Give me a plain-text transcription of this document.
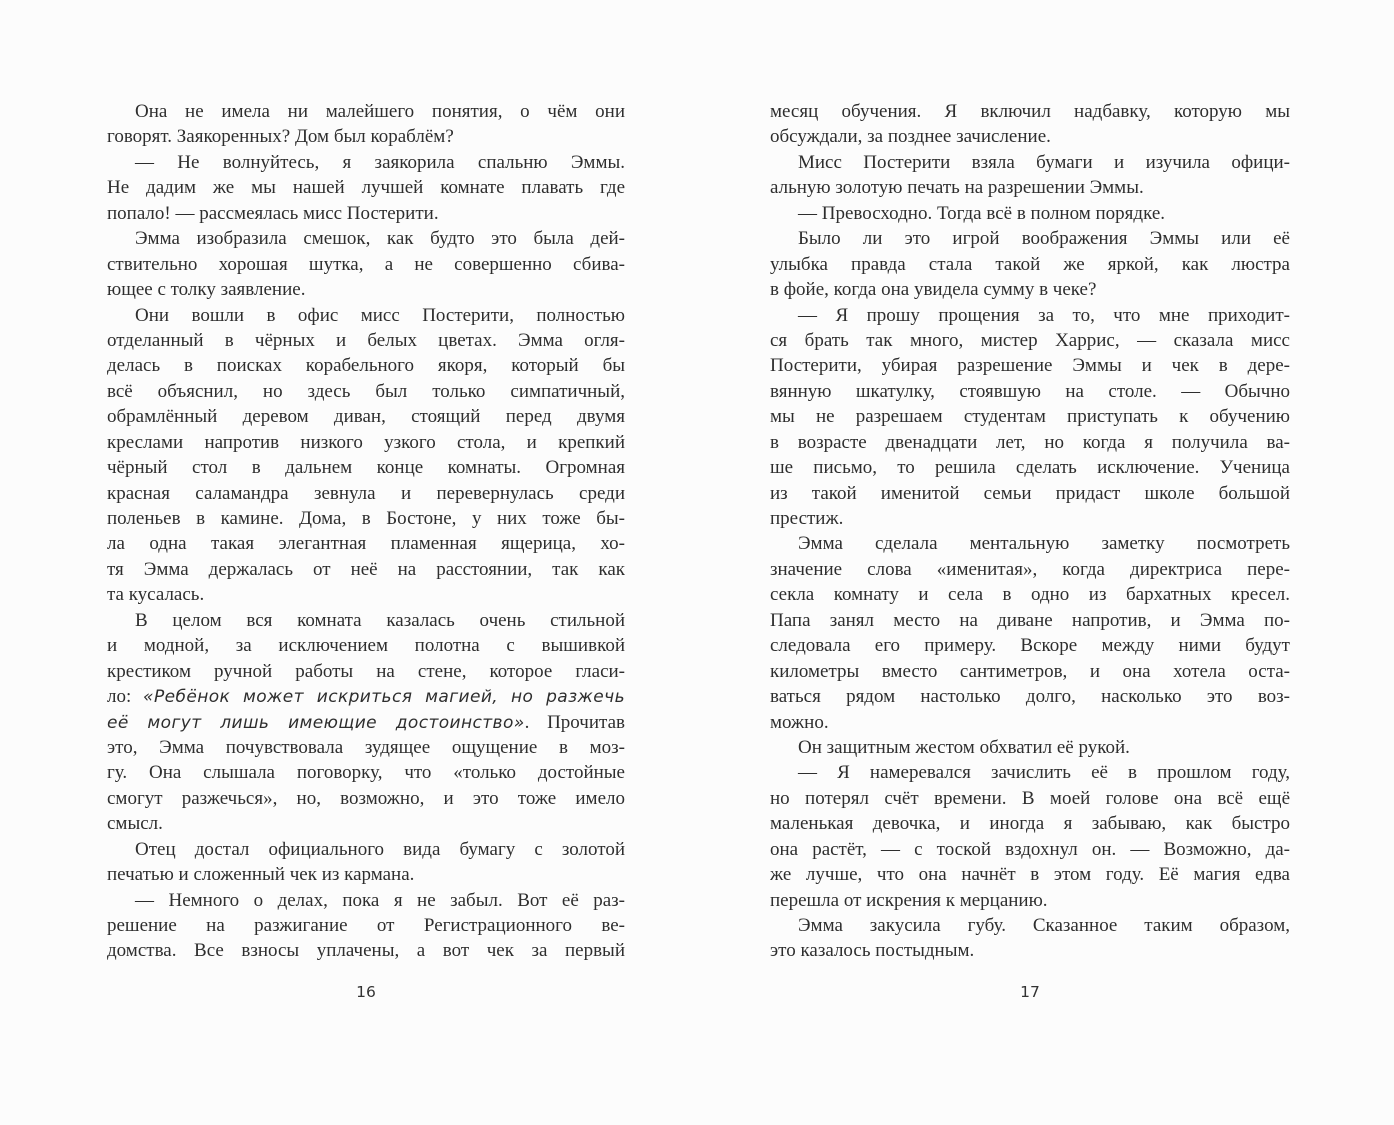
Она не имела ни малейшего понятия, о чём они
говорят. Заякоренных? Дом был кораблём?
— Не волнуйтесь, я заякорила спальню Эммы.
Не дадим же мы нашей лучшей комнате плавать где
попало! — рассмеялась мисс Постерити.
Эмма изобразила смешок, как будто это была дей-
ствительно хорошая шутка, а не совершенно сбива-
ющее с толку заявление.
Они вошли в офис мисс Постерити, полностью
отделанный в чёрных и белых цветах. Эмма огля-
делась в поисках корабельного якоря, который бы
всё объяснил, но здесь был только симпатичный,
обрамлённый деревом диван, стоящий перед двумя
креслами напротив низкого узкого стола, и крепкий
чёрный стол в дальнем конце комнаты. Огромная
красная саламандра зевнула и перевернулась среди
поленьев в камине. Дома, в Бостоне, у них тоже бы-
ла одна такая элегантная пламенная ящерица, хо-
тя Эмма держалась от неё на расстоянии, так как
та кусалась.
В целом вся комната казалась очень стильной
и модной, за исключением полотна с вышивкой
крестиком ручной работы на стене, которое гласи-
ло: «Ребёнок может искриться магией, но разжечь
её могут лишь имеющие достоинство». Прочитав
это, Эмма почувствовала зудящее ощущение в моз-
гу. Она слышала поговорку, что «только достойные
смогут разжечься», но, возможно, и это тоже имело
смысл.
Отец достал официального вида бумагу с золотой
печатью и сложенный чек из кармана.
— Немного о делах, пока я не забыл. Вот её раз-
решение на разжигание от Регистрационного ве-
домства. Все взносы уплачены, а вот чек за первый
16
месяц обучения. Я включил надбавку, которую мы
обсуждали, за позднее зачисление.
Мисс Постерити взяла бумаги и изучила офици-
альную золотую печать на разрешении Эммы.
— Превосходно. Тогда всё в полном порядке.
Было ли это игрой воображения Эммы или её
улыбка правда стала такой же яркой, как люстра
в фойе, когда она увидела сумму в чеке?
— Я прошу прощения за то, что мне приходит-
ся брать так много, мистер Харрис, — сказала мисс
Постерити, убирая разрешение Эммы и чек в дере-
вянную шкатулку, стоявшую на столе. — Обычно
мы не разрешаем студентам приступать к обучению
в возрасте двенадцати лет, но когда я получила ва-
ше письмо, то решила сделать исключение. Ученица
из такой именитой семьи придаст школе большой
престиж.
Эмма сделала ментальную заметку посмотреть
значение слова «именитая», когда директриса пере-
секла комнату и села в одно из бархатных кресел.
Папа занял место на диване напротив, и Эмма по-
следовала его примеру. Вскоре между ними будут
километры вместо сантиметров, и она хотела оста-
ваться рядом настолько долго, насколько это воз-
можно.
Он защитным жестом обхватил её рукой.
— Я намеревался зачислить её в прошлом году,
но потерял счёт времени. В моей голове она всё ещё
маленькая девочка, и иногда я забываю, как быстро
она растёт, — с тоской вздохнул он. — Возможно, да-
же лучше, что она начнёт в этом году. Её магия едва
перешла от искрения к мерцанию.
Эмма закусила губу. Сказанное таким образом,
это казалось постыдным.
17
